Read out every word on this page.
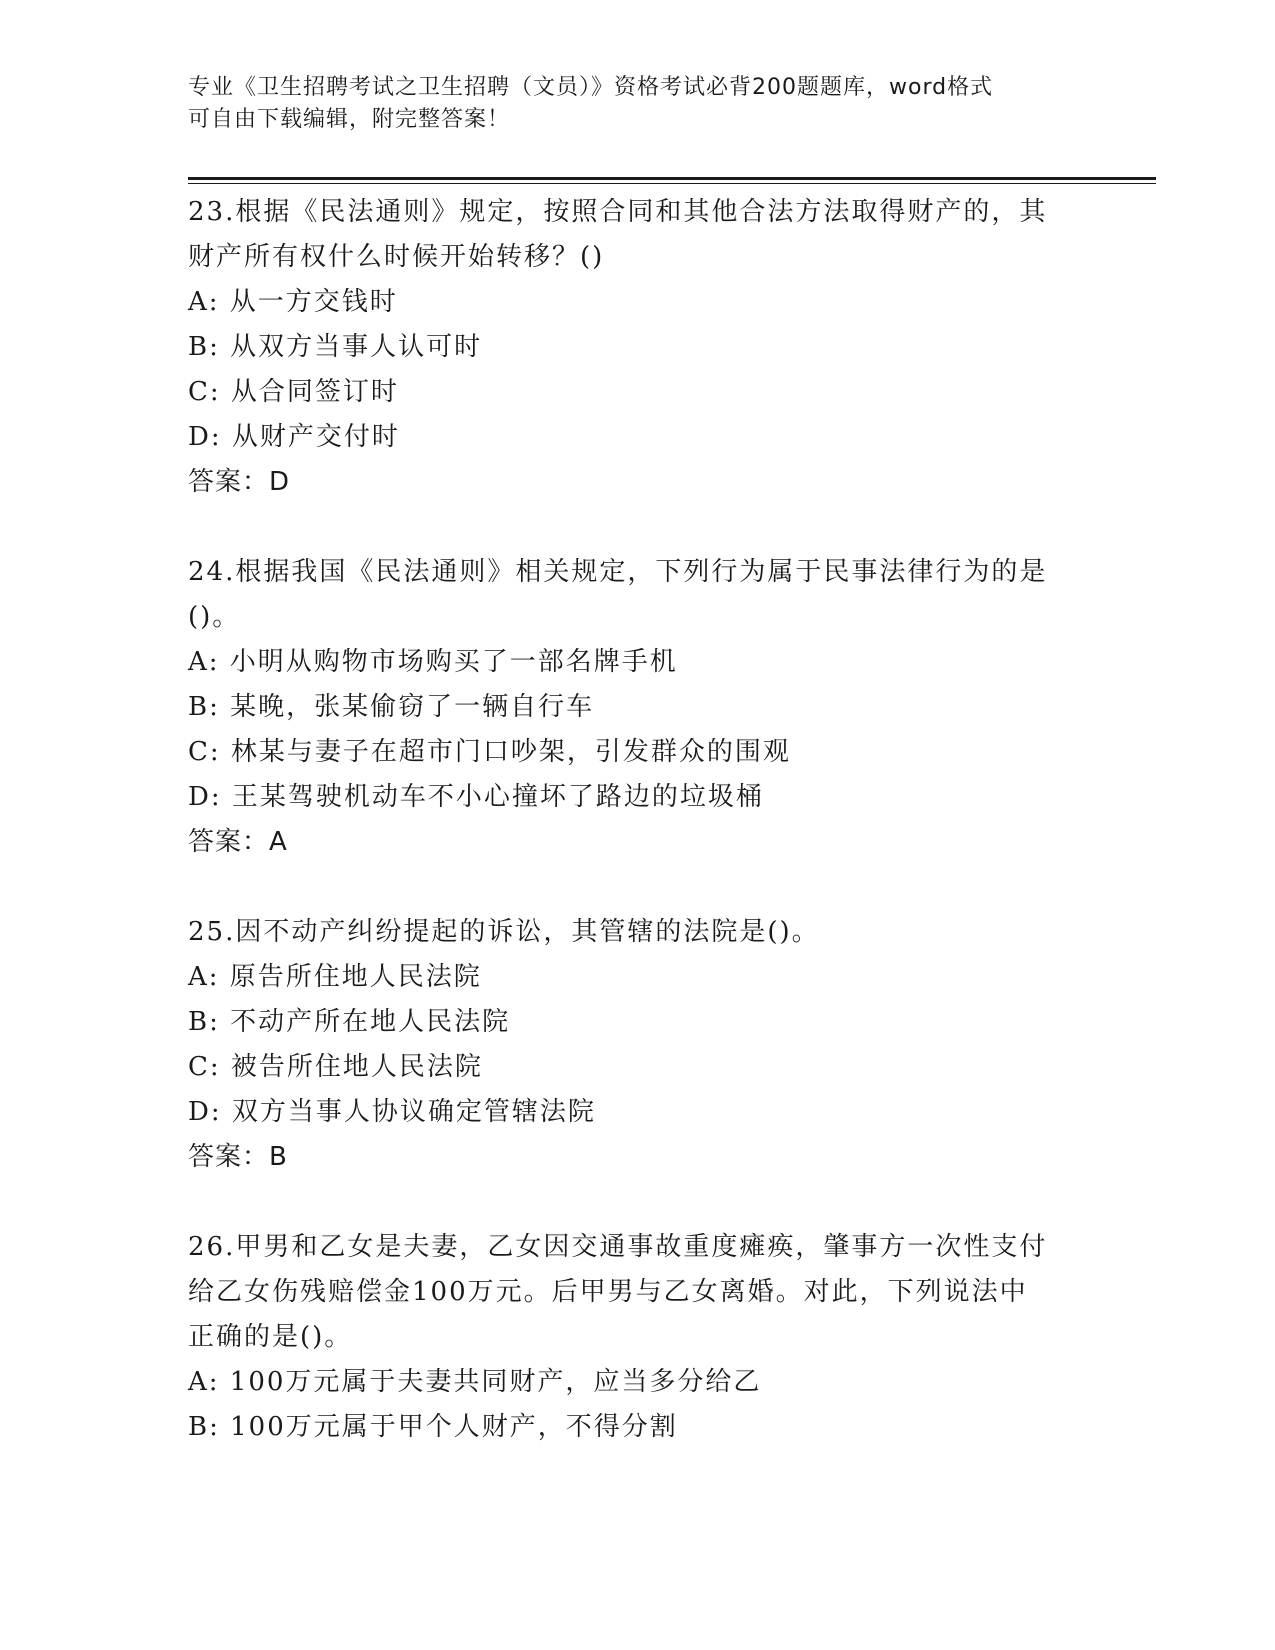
专业《卫生招聘考试之卫生招聘（文员）》资格考试必背200题题库，word格式
可自由下载编辑，附完整答案！
23.根据《民法通则》规定，按照合同和其他合法方法取得财产的，其
财产所有权什么时候开始转移？()
A: 从一方交钱时
B: 从双方当事人认可时
C: 从合同签订时
D: 从财产交付时
答案：D
24.根据我国《民法通则》相关规定，下列行为属于民事法律行为的是
()。
A: 小明从购物市场购买了一部名牌手机
B: 某晚，张某偷窃了一辆自行车
C: 林某与妻子在超市门口吵架，引发群众的围观
D: 王某驾驶机动车不小心撞坏了路边的垃圾桶
答案：A
25.因不动产纠纷提起的诉讼，其管辖的法院是()。
A: 原告所住地人民法院
B: 不动产所在地人民法院
C: 被告所住地人民法院
D: 双方当事人协议确定管辖法院
答案：B
26.甲男和乙女是夫妻，乙女因交通事故重度瘫痪，肇事方一次性支付
给乙女伤残赔偿金100万元。后甲男与乙女离婚。对此，下列说法中
正确的是()。
A: 100万元属于夫妻共同财产，应当多分给乙
B: 100万元属于甲个人财产，不得分割
